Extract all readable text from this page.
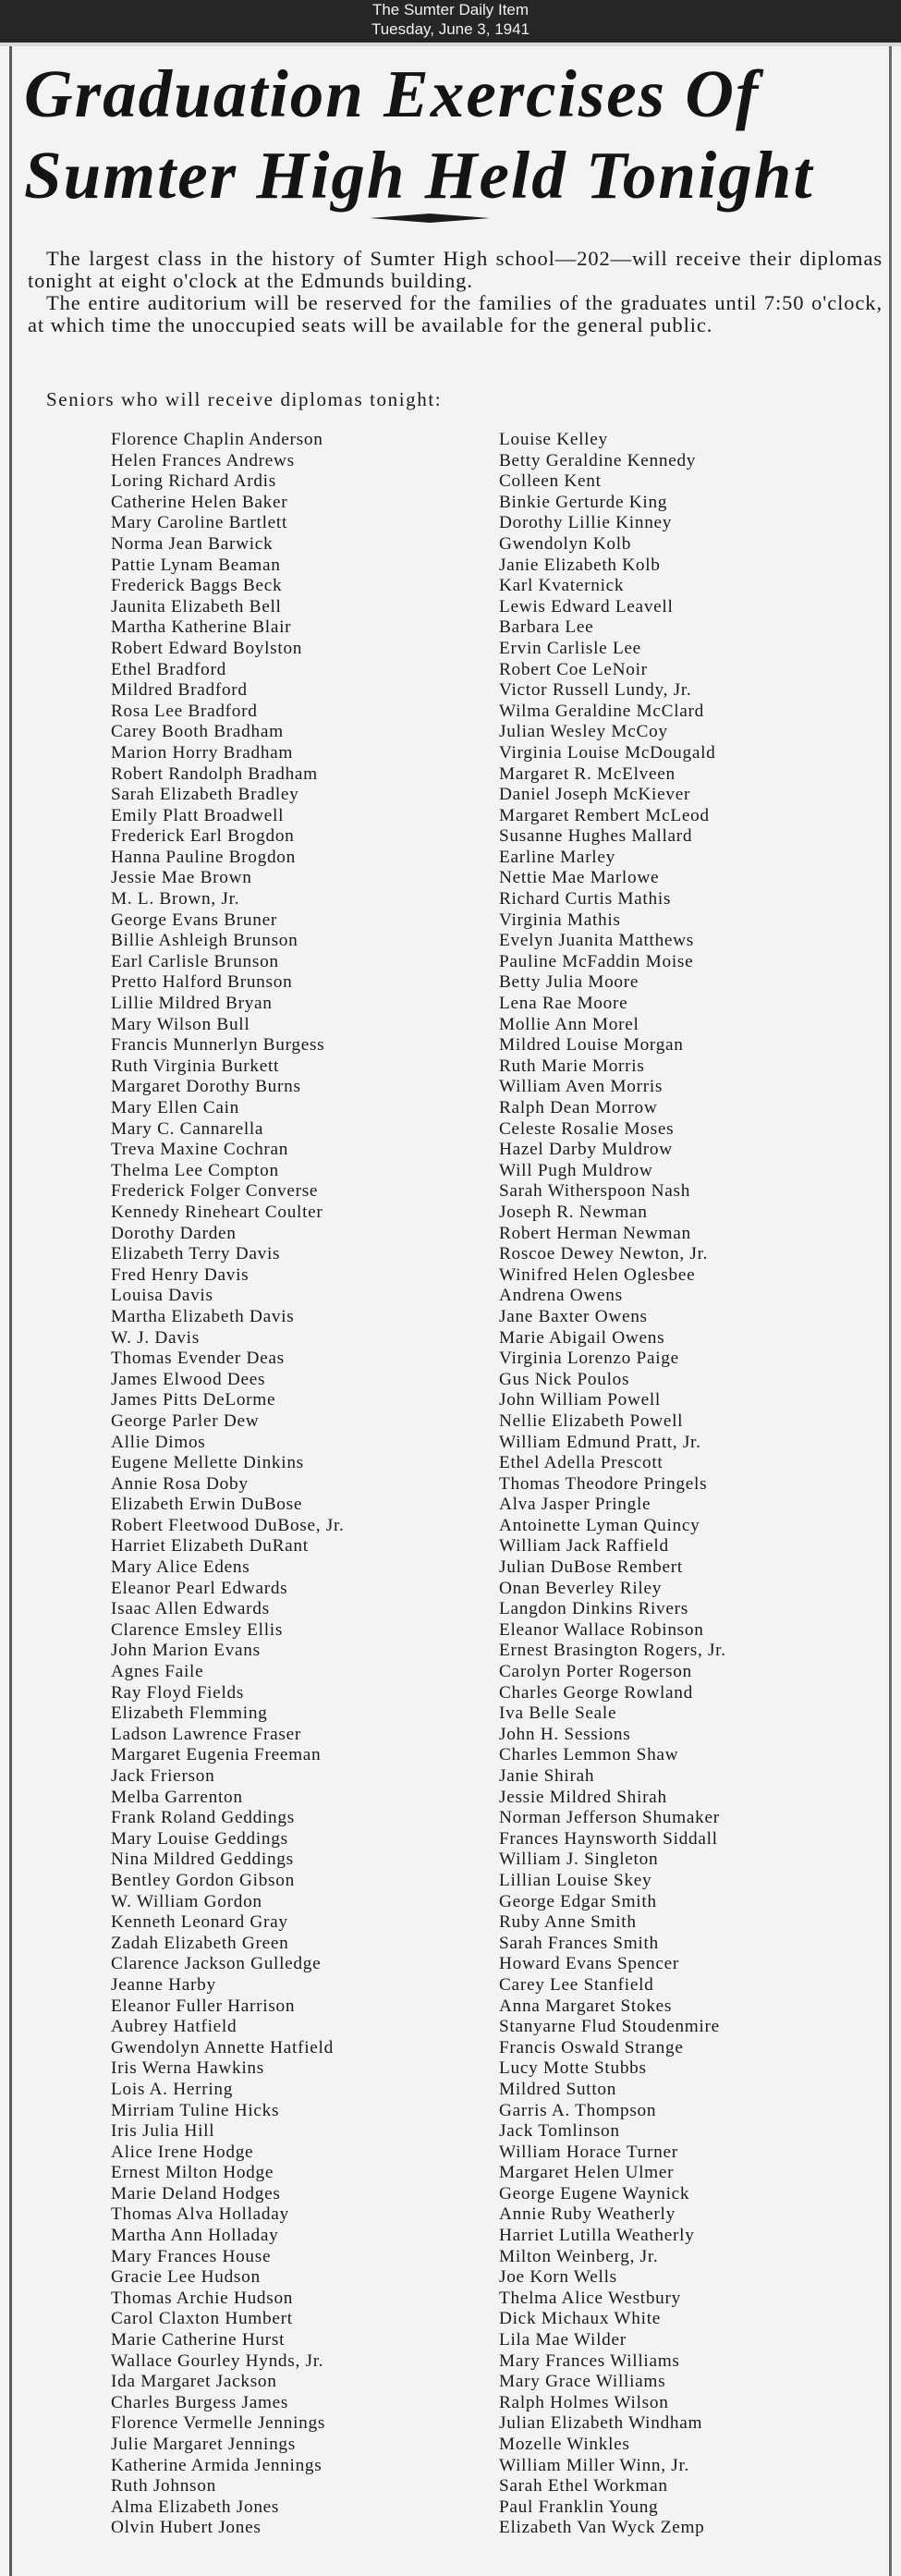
The Sumter Daily Item
Tuesday, June 3, 1941
Graduation Exercises Of
Sumter High Held Tonight

The largest class in the history of Sumter High school—202—will receive their diplomas tonight at eight o'clock at the Edmunds building.

The entire auditorium will be reserved for the families of the graduates until 7:50 o'clock, at which time the unoccupied seats will be available for the general public.

Seniors who will receive diplomas tonight:
Florence Chaplin Anderson
Helen Frances Andrews
Loring Richard Ardis
Catherine Helen Baker
Mary Caroline Bartlett
Norma Jean Barwick
Pattie Lynam Beaman
Frederick Baggs Beck
Jaunita Elizabeth Bell
Martha Katherine Blair
Robert Edward Boylston
Ethel Bradford
Mildred Bradford
Rosa Lee Bradford
Carey Booth Bradham
Marion Horry Bradham
Robert Randolph Bradham
Sarah Elizabeth Bradley
Emily Platt Broadwell
Frederick Earl Brogdon
Hanna Pauline Brogdon
Jessie Mae Brown
M. L. Brown, Jr.
George Evans Bruner
Billie Ashleigh Brunson
Earl Carlisle Brunson
Pretto Halford Brunson
Lillie Mildred Bryan
Mary Wilson Bull
Francis Munnerlyn Burgess
Ruth Virginia Burkett
Margaret Dorothy Burns
Mary Ellen Cain
Mary C. Cannarella
Treva Maxine Cochran
Thelma Lee Compton
Frederick Folger Converse
Kennedy Rineheart Coulter
Dorothy Darden
Elizabeth Terry Davis
Fred Henry Davis
Louisa Davis
Martha Elizabeth Davis
W. J. Davis
Thomas Evender Deas
James Elwood Dees
James Pitts DeLorme
George Parler Dew
Allie Dimos
Eugene Mellette Dinkins
Annie Rosa Doby
Elizabeth Erwin DuBose
Robert Fleetwood DuBose, Jr.
Harriet Elizabeth DuRant
Mary Alice Edens
Eleanor Pearl Edwards
Isaac Allen Edwards
Clarence Emsley Ellis
John Marion Evans
Agnes Faile
Ray Floyd Fields
Elizabeth Flemming
Ladson Lawrence Fraser
Margaret Eugenia Freeman
Jack Frierson
Melba Garrenton
Frank Roland Geddings
Mary Louise Geddings
Nina Mildred Geddings
Bentley Gordon Gibson
W. William Gordon
Kenneth Leonard Gray
Zadah Elizabeth Green
Clarence Jackson Gulledge
Jeanne Harby
Eleanor Fuller Harrison
Aubrey Hatfield
Gwendolyn Annette Hatfield
Iris Werna Hawkins
Lois A. Herring
Mirriam Tuline Hicks
Iris Julia Hill
Alice Irene Hodge
Ernest Milton Hodge
Marie Deland Hodges
Thomas Alva Holladay
Martha Ann Holladay
Mary Frances House
Gracie Lee Hudson
Thomas Archie Hudson
Carol Claxton Humbert
Marie Catherine Hurst
Wallace Gourley Hynds, Jr.
Ida Margaret Jackson
Charles Burgess James
Florence Vermelle Jennings
Julie Margaret Jennings
Katherine Armida Jennings
Ruth Johnson
Alma Elizabeth Jones
Olvin Hubert Jones
Louise Kelley
Betty Geraldine Kennedy
Colleen Kent
Binkie Gerturde King
Dorothy Lillie Kinney
Gwendolyn Kolb
Janie Elizabeth Kolb
Karl Kvaternick
Lewis Edward Leavell
Barbara Lee
Ervin Carlisle Lee
Robert Coe LeNoir
Victor Russell Lundy, Jr.
Wilma Geraldine McClard
Julian Wesley McCoy
Virginia Louise McDougald
Margaret R. McElveen
Daniel Joseph McKiever
Margaret Rembert McLeod
Susanne Hughes Mallard
Earline Marley
Nettie Mae Marlowe
Richard Curtis Mathis
Virginia Mathis
Evelyn Juanita Matthews
Pauline McFaddin Moise
Betty Julia Moore
Lena Rae Moore
Mollie Ann Morel
Mildred Louise Morgan
Ruth Marie Morris
William Aven Morris
Ralph Dean Morrow
Celeste Rosalie Moses
Hazel Darby Muldrow
Will Pugh Muldrow
Sarah Witherspoon Nash
Joseph R. Newman
Robert Herman Newman
Roscoe Dewey Newton, Jr.
Winifred Helen Oglesbee
Andrena Owens
Jane Baxter Owens
Marie Abigail Owens
Virginia Lorenzo Paige
Gus Nick Poulos
John William Powell
Nellie Elizabeth Powell
William Edmund Pratt, Jr.
Ethel Adella Prescott
Thomas Theodore Pringels
Alva Jasper Pringle
Antoinette Lyman Quincy
William Jack Raffield
Julian DuBose Rembert
Onan Beverley Riley
Langdon Dinkins Rivers
Eleanor Wallace Robinson
Ernest Brasington Rogers, Jr.
Carolyn Porter Rogerson
Charles George Rowland
Iva Belle Seale
John H. Sessions
Charles Lemmon Shaw
Janie Shirah
Jessie Mildred Shirah
Norman Jefferson Shumaker
Frances Haynsworth Siddall
William J. Singleton
Lillian Louise Skey
George Edgar Smith
Ruby Anne Smith
Sarah Frances Smith
Howard Evans Spencer
Carey Lee Stanfield
Anna Margaret Stokes
Stanyarne Flud Stoudenmire
Francis Oswald Strange
Lucy Motte Stubbs
Mildred Sutton
Garris A. Thompson
Jack Tomlinson
William Horace Turner
Margaret Helen Ulmer
George Eugene Waynick
Annie Ruby Weatherly
Harriet Lutilla Weatherly
Milton Weinberg, Jr.
Joe Korn Wells
Thelma Alice Westbury
Dick Michaux White
Lila Mae Wilder
Mary Frances Williams
Mary Grace Williams
Ralph Holmes Wilson
Julian Elizabeth Windham
Mozelle Winkles
William Miller Winn, Jr.
Sarah Ethel Workman
Paul Franklin Young
Elizabeth Van Wyck Zemp
